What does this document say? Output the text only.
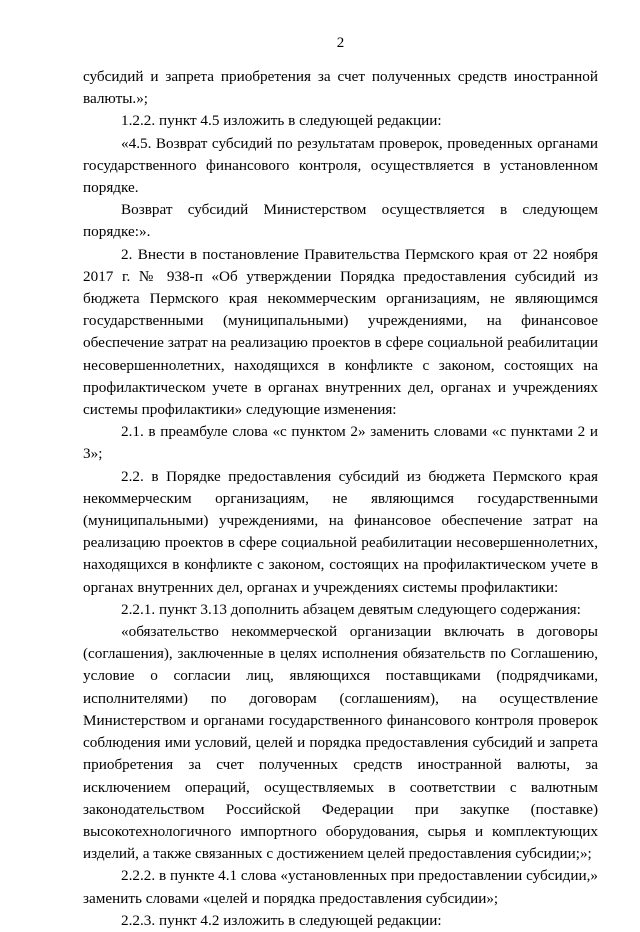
2

субсидий и запрета приобретения за счет полученных средств иностранной валюты.»;

1.2.2. пункт 4.5 изложить в следующей редакции:

«4.5. Возврат субсидий по результатам проверок, проведенных органами государственного финансового контроля, осуществляется в установленном порядке.

Возврат субсидий Министерством осуществляется в следующем порядке:».

2. Внести в постановление Правительства Пермского края от 22 ноября 2017 г. № 938-п «Об утверждении Порядка предоставления субсидий из бюджета Пермского края некоммерческим организациям, не являющимся государственными (муниципальными) учреждениями, на финансовое обеспечение затрат на реализацию проектов в сфере социальной реабилитации несовершеннолетних, находящихся в конфликте с законом, состоящих на профилактическом учете в органах внутренних дел, органах и учреждениях системы профилактики» следующие изменения:

2.1. в преамбуле слова «с пунктом 2» заменить словами «с пунктами 2 и 3»;

2.2. в Порядке предоставления субсидий из бюджета Пермского края некоммерческим организациям, не являющимся государственными (муниципальными) учреждениями, на финансовое обеспечение затрат на реализацию проектов в сфере социальной реабилитации несовершеннолетних, находящихся в конфликте с законом, состоящих на профилактическом учете в органах внутренних дел, органах и учреждениях системы профилактики:

2.2.1. пункт 3.13 дополнить абзацем девятым следующего содержания:

«обязательство некоммерческой организации включать в договоры (соглашения), заключенные в целях исполнения обязательств по Соглашению, условие о согласии лиц, являющихся поставщиками (подрядчиками, исполнителями) по договорам (соглашениям), на осуществление Министерством и органами государственного финансового контроля проверок соблюдения ими условий, целей и порядка предоставления субсидий и запрета приобретения за счет полученных средств иностранной валюты, за исключением операций, осуществляемых в соответствии с валютным законодательством Российской Федерации при закупке (поставке) высокотехнологичного импортного оборудования, сырья и комплектующих изделий, а также связанных с достижением целей предоставления субсидии;»;

2.2.2. в пункте 4.1 слова «установленных при предоставлении субсидии,» заменить словами «целей и порядка предоставления субсидии»;

2.2.3. пункт 4.2 изложить в следующей редакции:
